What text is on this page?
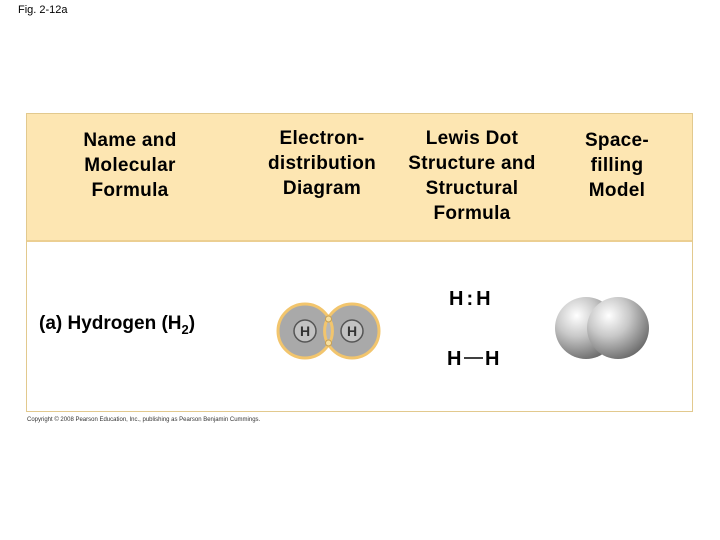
Fig. 2-12a
Name and
Molecular
Formula
Electron-
distribution
Diagram
Lewis Dot
Structure and
Structural
Formula
Space-
filling
Model
(a) Hydrogen $(H_2)$	H	H
H : H
H H
Copyright © 2008 Pearson Education, Inc., publishing as Pearson Benjamin Cummings.
